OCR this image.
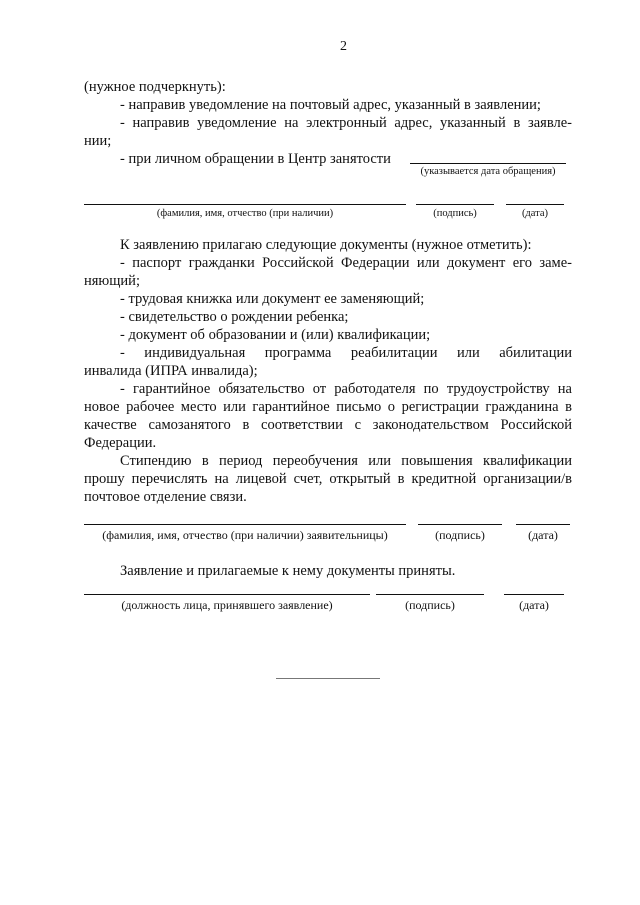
2
(нужное подчеркнуть):
- направив уведомление на почтовый адрес, указанный в заявлении;
- направив уведомление на электронный адрес, указанный в заявле-
нии;
- при личном обращении в Центр занятости
(указывается дата обращения)
(фамилия, имя, отчество (при наличии)	(подпись)	(дата)
К заявлению прилагаю следующие документы (нужное отметить):
- паспорт гражданки Российской Федерации или документ его заме-
няющий;
- трудовая книжка или документ ее заменяющий;
- свидетельство о рождении ребенка;
- документ об образовании и (или) квалификации;
- индивидуальная программа реабилитации или абилитации
инвалида (ИПРА инвалида);
- гарантийное обязательство от работодателя по трудоустройству на
новое рабочее место или гарантийное письмо о регистрации гражданина в
качестве самозанятого в соответствии с законодательством Российской
Федерации.
Стипендию в период переобучения или повышения квалификации
прошу перечислять на лицевой счет, открытый в кредитной организации/в
почтовое отделение связи.
(фамилия, имя, отчество (при наличии) заявительницы)	(подпись)	(дата)
Заявление и прилагаемые к нему документы приняты.
(должность лица, принявшего заявление)	(подпись)	(дата)
